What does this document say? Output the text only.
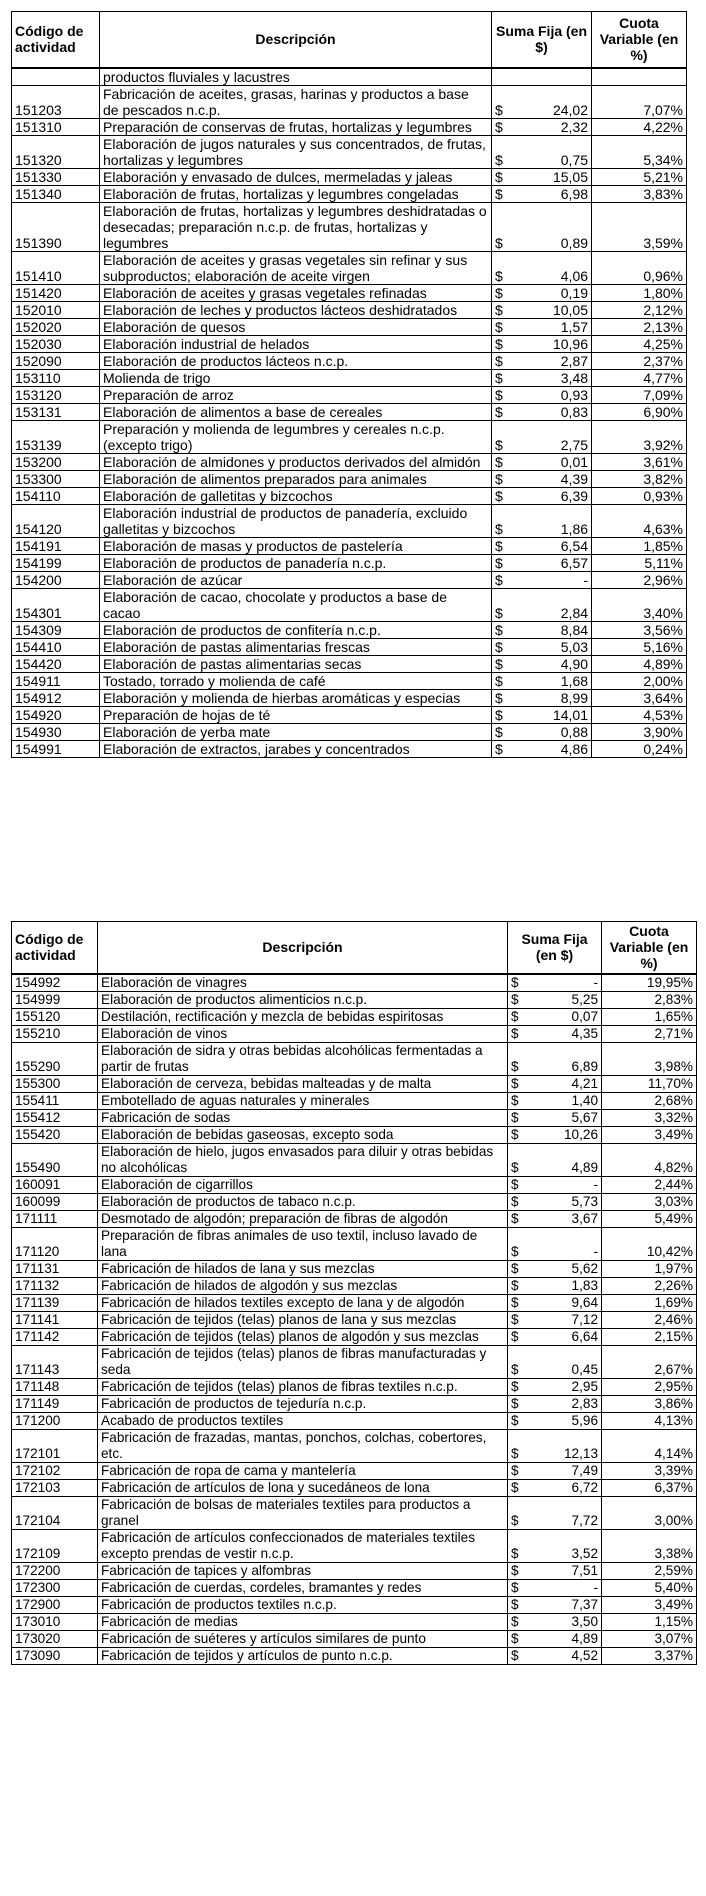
Código de actividad	Descripción	Suma Fija (en $)		Cuota Variable (en %)
	productos fluviales y lacustres			
151203	Fabricación de aceites, grasas, harinas y productos a base de pescados n.c.p.	$	24,02	7,07%
151310	Preparación de conservas de frutas, hortalizas y legumbres	$	2,32	4,22%
151320	Elaboración de jugos naturales y sus concentrados, de frutas, hortalizas y legumbres	$	0,75	5,34%
151330	Elaboración y envasado de dulces, mermeladas y jaleas	$	15,05	5,21%
151340	Elaboración de frutas, hortalizas y legumbres congeladas	$	6,98	3,83%
151390	Elaboración de frutas, hortalizas y legumbres deshidratadas o desecadas; preparación n.c.p. de frutas, hortalizas y legumbres	$	0,89	3,59%
151410	Elaboración de aceites y grasas vegetales sin refinar y sus subproductos; elaboración de aceite virgen	$	4,06	0,96%
151420	Elaboración de aceites y grasas vegetales refinadas	$	0,19	1,80%
152010	Elaboración de leches y productos lácteos deshidratados	$	10,05	2,12%
152020	Elaboración de quesos	$	1,57	2,13%
152030	Elaboración industrial de helados	$	10,96	4,25%
152090	Elaboración de productos lácteos n.c.p.	$	2,87	2,37%
153110	Molienda de trigo	$	3,48	4,77%
153120	Preparación de arroz	$	0,93	7,09%
153131	Elaboración de alimentos a base de cereales	$	0,83	6,90%
153139	Preparación y molienda de legumbres y cereales n.c.p. (excepto trigo)	$	2,75	3,92%
153200	Elaboración de almidones y productos derivados del almidón	$	0,01	3,61%
153300	Elaboración de alimentos preparados para animales	$	4,39	3,82%
154110	Elaboración de galletitas y bizcochos	$	6,39	0,93%
154120	Elaboración industrial de productos de panadería, excluido galletitas y bizcochos	$	1,86	4,63%
154191	Elaboración de masas y productos de pastelería	$	6,54	1,85%
154199	Elaboración de productos de panadería n.c.p.	$	6,57	5,11%
154200	Elaboración de azúcar	$	-	2,96%
154301	Elaboración de cacao, chocolate y productos a base de cacao	$	2,84	3,40%
154309	Elaboración de productos de confitería n.c.p.	$	8,84	3,56%
154410	Elaboración de pastas alimentarias frescas	$	5,03	5,16%
154420	Elaboración de pastas alimentarias secas	$	4,90	4,89%
154911	Tostado, torrado y molienda de café	$	1,68	2,00%
154912	Elaboración y molienda de hierbas aromáticas y especias	$	8,99	3,64%
154920	Preparación de hojas de té	$	14,01	4,53%
154930	Elaboración de yerba mate	$	0,88	3,90%
154991	Elaboración de extractos, jarabes y concentrados	$	4,86	0,24%
Código de actividad	Descripción	Suma Fija (en $)		Cuota Variable (en %)
154992	Elaboración de vinagres	$	-	19,95%
154999	Elaboración de productos alimenticios n.c.p.	$	5,25	2,83%
155120	Destilación, rectificación y mezcla de bebidas espiritosas	$	0,07	1,65%
155210	Elaboración de vinos	$	4,35	2,71%
155290	Elaboración de sidra y otras bebidas alcohólicas fermentadas a partir de frutas	$	6,89	3,98%
155300	Elaboración de cerveza, bebidas malteadas y de malta	$	4,21	11,70%
155411	Embotellado de aguas naturales y minerales	$	1,40	2,68%
155412	Fabricación de sodas	$	5,67	3,32%
155420	Elaboración de bebidas gaseosas, excepto soda	$	10,26	3,49%
155490	Elaboración de hielo, jugos envasados para diluir y otras bebidas no alcohólicas	$	4,89	4,82%
160091	Elaboración de cigarrillos	$	-	2,44%
160099	Elaboración de productos de tabaco n.c.p.	$	5,73	3,03%
171111	Desmotado de algodón; preparación de fibras de algodón	$	3,67	5,49%
171120	Preparación de fibras animales de uso textil, incluso lavado de lana	$	-	10,42%
171131	Fabricación de hilados de lana y sus mezclas	$	5,62	1,97%
171132	Fabricación de hilados de algodón y sus mezclas	$	1,83	2,26%
171139	Fabricación de hilados textiles excepto de lana y de algodón	$	9,64	1,69%
171141	Fabricación de tejidos (telas) planos de lana y sus mezclas	$	7,12	2,46%
171142	Fabricación de tejidos (telas) planos de algodón y sus mezclas	$	6,64	2,15%
171143	Fabricación de tejidos (telas) planos de fibras manufacturadas y seda	$	0,45	2,67%
171148	Fabricación de tejidos (telas) planos de fibras textiles n.c.p.	$	2,95	2,95%
171149	Fabricación de productos de tejeduría n.c.p.	$	2,83	3,86%
171200	Acabado de productos textiles	$	5,96	4,13%
172101	Fabricación de frazadas, mantas, ponchos, colchas, cobertores, etc.	$	12,13	4,14%
172102	Fabricación de ropa de cama y mantelería	$	7,49	3,39%
172103	Fabricación de artículos de lona y sucedáneos de lona	$	6,72	6,37%
172104	Fabricación de bolsas de materiales textiles para productos a granel	$	7,72	3,00%
172109	Fabricación de artículos confeccionados de materiales textiles excepto prendas de vestir n.c.p.	$	3,52	3,38%
172200	Fabricación de tapices y alfombras	$	7,51	2,59%
172300	Fabricación de cuerdas, cordeles, bramantes y redes	$	-	5,40%
172900	Fabricación de productos textiles n.c.p.	$	7,37	3,49%
173010	Fabricación de medias	$	3,50	1,15%
173020	Fabricación de suéteres y artículos similares de punto	$	4,89	3,07%
173090	Fabricación de tejidos y artículos de punto n.c.p.	$	4,52	3,37%
